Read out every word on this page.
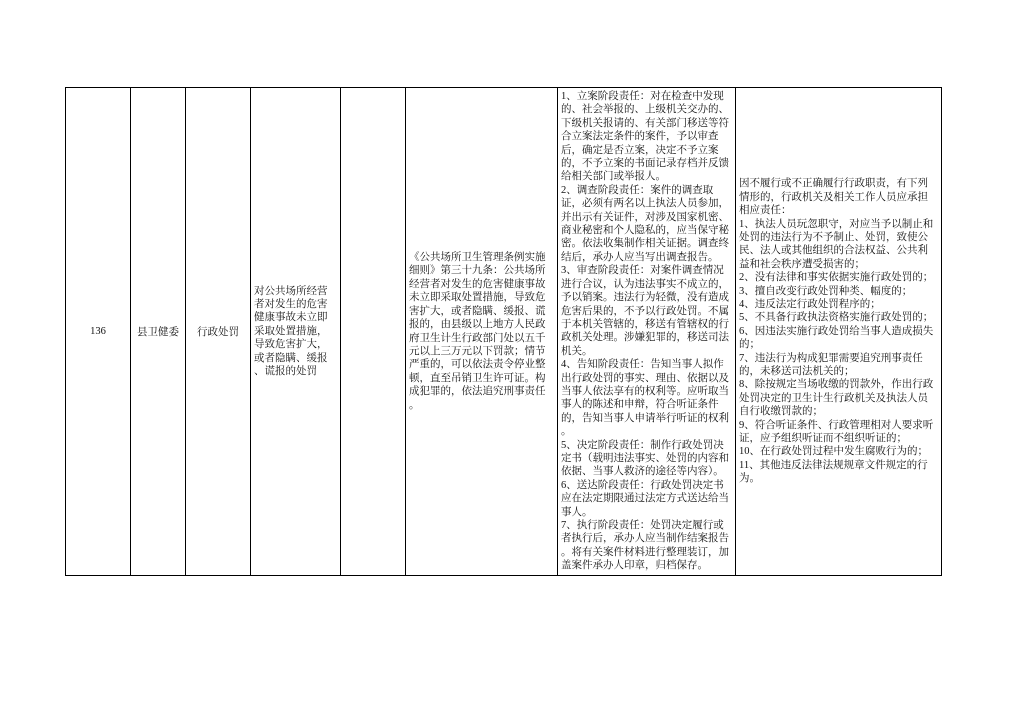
136	县卫健委 行政处罚
对公共场所经营
者对发生的危害
健康事故未立即
采取处置措施，
导致危害扩大，
或者隐瞒、缓报
、谎报的处罚
《公共场所卫生管理条例实施
细则》第三十九条：公共场所
经营者对发生的危害健康事故
未立即采取处置措施，导致危
害扩大，或者隐瞒、缓报、谎
报的，由县级以上地方人民政
府卫生计生行政部门处以五千
元以上三万元以下罚款；情节
严重的，可以依法责令停业整
顿，直至吊销卫生许可证。构
成犯罪的，依法追究刑事责任
。
1、立案阶段责任：对在检查中发现
的、社会举报的、上级机关交办的、
下级机关报请的、有关部门移送等符
合立案法定条件的案件，予以审查
后，确定是否立案，决定不予立案
的，不予立案的书面记录存档并反馈
给相关部门或举报人。
2、调查阶段责任：案件的调查取
证，必须有两名以上执法人员参加，
并出示有关证件，对涉及国家机密、
商业秘密和个人隐私的，应当保守秘
密。依法收集制作相关证据。调查终
结后，承办人应当写出调查报告。
3、审查阶段责任：对案件调查情况
进行合议，认为违法事实不成立的，
予以销案。违法行为轻微，没有造成
危害后果的，不予以行政处罚。不属
于本机关管辖的，移送有管辖权的行
政机关处理。涉嫌犯罪的，移送司法
机关。
4、告知阶段责任：告知当事人拟作
出行政处罚的事实、理由、依据以及
当事人依法享有的权利等。应听取当
事人的陈述和申辩，符合听证条件
的，告知当事人申请举行听证的权利
。
5、决定阶段责任：制作行政处罚决
定书（载明违法事实、处罚的内容和
依据、当事人救济的途径等内容）。
6、送达阶段责任：行政处罚决定书
应在法定期限通过法定方式送达给当
事人。
7、执行阶段责任：处罚决定履行或
者执行后，承办人应当制作结案报告
。将有关案件材料进行整理装订，加
盖案件承办人印章，归档保存。
因不履行或不正确履行行政职责，有下列
情形的，行政机关及相关工作人员应承担
相应责任：
1、执法人员玩忽职守，对应当予以制止和
处罚的违法行为不予制止、处罚，致使公
民、法人或其他组织的合法权益、公共利
益和社会秩序遭受损害的；
2、没有法律和事实依据实施行政处罚的；
3、擅自改变行政处罚种类、幅度的；
4、违反法定行政处罚程序的；
5、不具备行政执法资格实施行政处罚的；
6、因违法实施行政处罚给当事人造成损失
的；
7、违法行为构成犯罪需要追究刑事责任
的，未移送司法机关的；
8、除按规定当场收缴的罚款外，作出行政
处罚决定的卫生计生行政机关及执法人员
自行收缴罚款的；
9、符合听证条件、行政管理相对人要求听
证，应予组织听证而不组织听证的；
10、在行政处罚过程中发生腐败行为的；
11、其他违反法律法规规章文件规定的行
为。
